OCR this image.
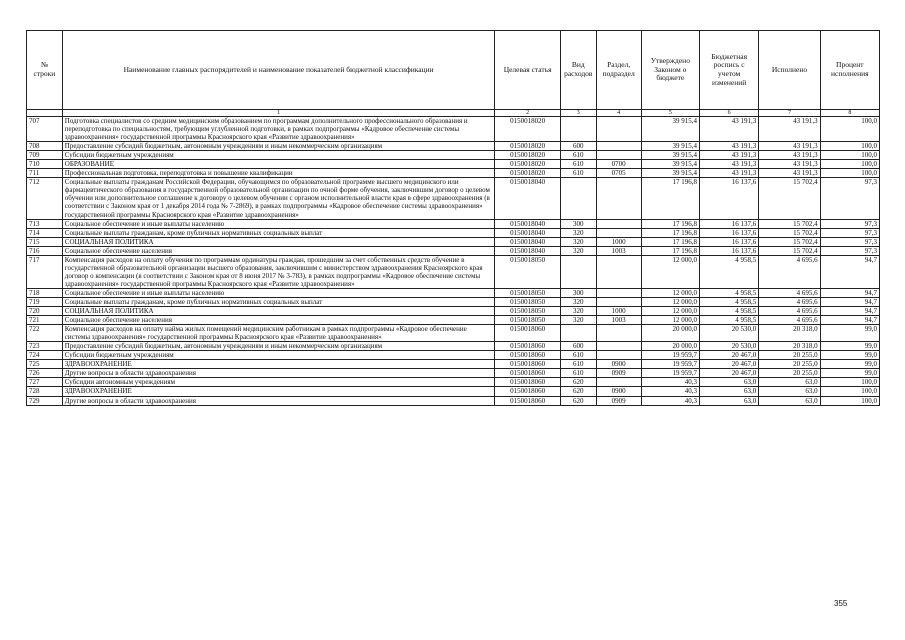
№ строки	Наименование главных распорядителей и наименование показателей бюджетной классификации	Целевая статья	Вид расходов	Раздел, подраздел	Утверждено Законом о бюджете	Бюджетная роспись с учетом изменений	Исполнено	Процент исполнения
	1	2	3	4	5	6	7	8
707	Подготовка специалистов со средним медицинским образованием по программам дополнительного профессионального образования и переподготовка по специальностям, требующим углубленной подготовки, в рамках подпрограммы «Кадровое обеспечение системы здравоохранения» государственной программы Красноярского края «Развитие здравоохранения»	0150018020			39 915,4	43 191,3	43 191,3	100,0
708	Предоставление субсидий бюджетным, автономным учреждениям и иным некоммерческим организациям	0150018020	600		39 915,4	43 191,3	43 191,3	100,0
709	Субсидии бюджетным учреждениям	0150018020	610		39 915,4	43 191,3	43 191,3	100,0
710	ОБРАЗОВАНИЕ	0150018020	610	0700	39 915,4	43 191,3	43 191,3	100,0
711	Профессиональная подготовка, переподготовка и повышение квалификации	0150018020	610	0705	39 915,4	43 191,3	43 191,3	100,0
712	Социальные выплаты гражданам Российской Федерации, обучающимся по образовательной программе высшего медицинского или фармацевтического образования в государственной образовательной организации по очной форме обучения, заключившим договор о целевом обучении или дополнительное соглашение к договору о целевом обучении с органом исполнительной власти края в сфере здравоохранения (в соответствии с Законом края от 1 декабря 2014 года № 7-2869), в рамках подпрограммы «Кадровое обеспечение системы здравоохранения» государственной программы Красноярского края «Развитие здравоохранения»	0150018040			17 196,8	16 137,6	15 702,4	97,3
713	Социальное обеспечение и иные выплаты населению	0150018040	300		17 196,8	16 137,6	15 702,4	97,3
714	Социальные выплаты гражданам, кроме публичных нормативных социальных выплат	0150018040	320		17 196,8	16 137,6	15 702,4	97,3
715	СОЦИАЛЬНАЯ ПОЛИТИКА	0150018040	320	1000	17 196,8	16 137,6	15 702,4	97,3
716	Социальное обеспечение населения	0150018040	320	1003	17 196,8	16 137,6	15 702,4	97,3
717	Компенсация расходов на оплату обучения по программам ординатуры граждан, прошедшим за счет собственных средств обучение в государственной образовательной организации высшего образования, заключившим с министерством здравоохранения Красноярского края договор о компенсации (в соответствии с Законом края от 8 июня 2017 № 3-783), в рамках подпрограммы «Кадровое обеспечение системы здравоохранения» государственной программы Красноярского края «Развитие здравоохранения»	0150018050			12 000,0	4 958,5	4 695,6	94,7
718	Социальное обеспечение и иные выплаты населению	0150018050	300		12 000,0	4 958,5	4 695,6	94,7
719	Социальные выплаты гражданам, кроме публичных нормативных социальных выплат	0150018050	320		12 000,0	4 958,5	4 695,6	94,7
720	СОЦИАЛЬНАЯ ПОЛИТИКА	0150018050	320	1000	12 000,0	4 958,5	4 695,6	94,7
721	Социальное обеспечение населения	0150018050	320	1003	12 000,0	4 958,5	4 695,6	94,7
722	Компенсация расходов на оплату найма жилых помещений медицинским работникам в рамках подпрограммы «Кадровое обеспечение системы здравоохранения» государственной программы Красноярского края «Развитие здравоохранения»	0150018060			20 000,0	20 530,0	20 318,0	99,0
723	Предоставление субсидий бюджетным, автономным учреждениям и иным некоммерческим организациям	0150018060	600		20 000,0	20 530,0	20 318,0	99,0
724	Субсидии бюджетным учреждениям	0150018060	610		19 959,7	20 467,0	20 255,0	99,0
725	ЗДРАВООХРАНЕНИЕ	0150018060	610	0900	19 959,7	20 467,0	20 255,0	99,0
726	Другие вопросы в области здравоохранения	0150018060	610	0909	19 959,7	20 467,0	20 255,0	99,0
727	Субсидии автономным учреждениям	0150018060	620		40,3	63,0	63,0	100,0
728	ЗДРАВООХРАНЕНИЕ	0150018060	620	0900	40,3	63,0	63,0	100,0
729	Другие вопросы в области здравоохранения	0150018060	620	0909	40,3	63,0	63,0	100,0
355
